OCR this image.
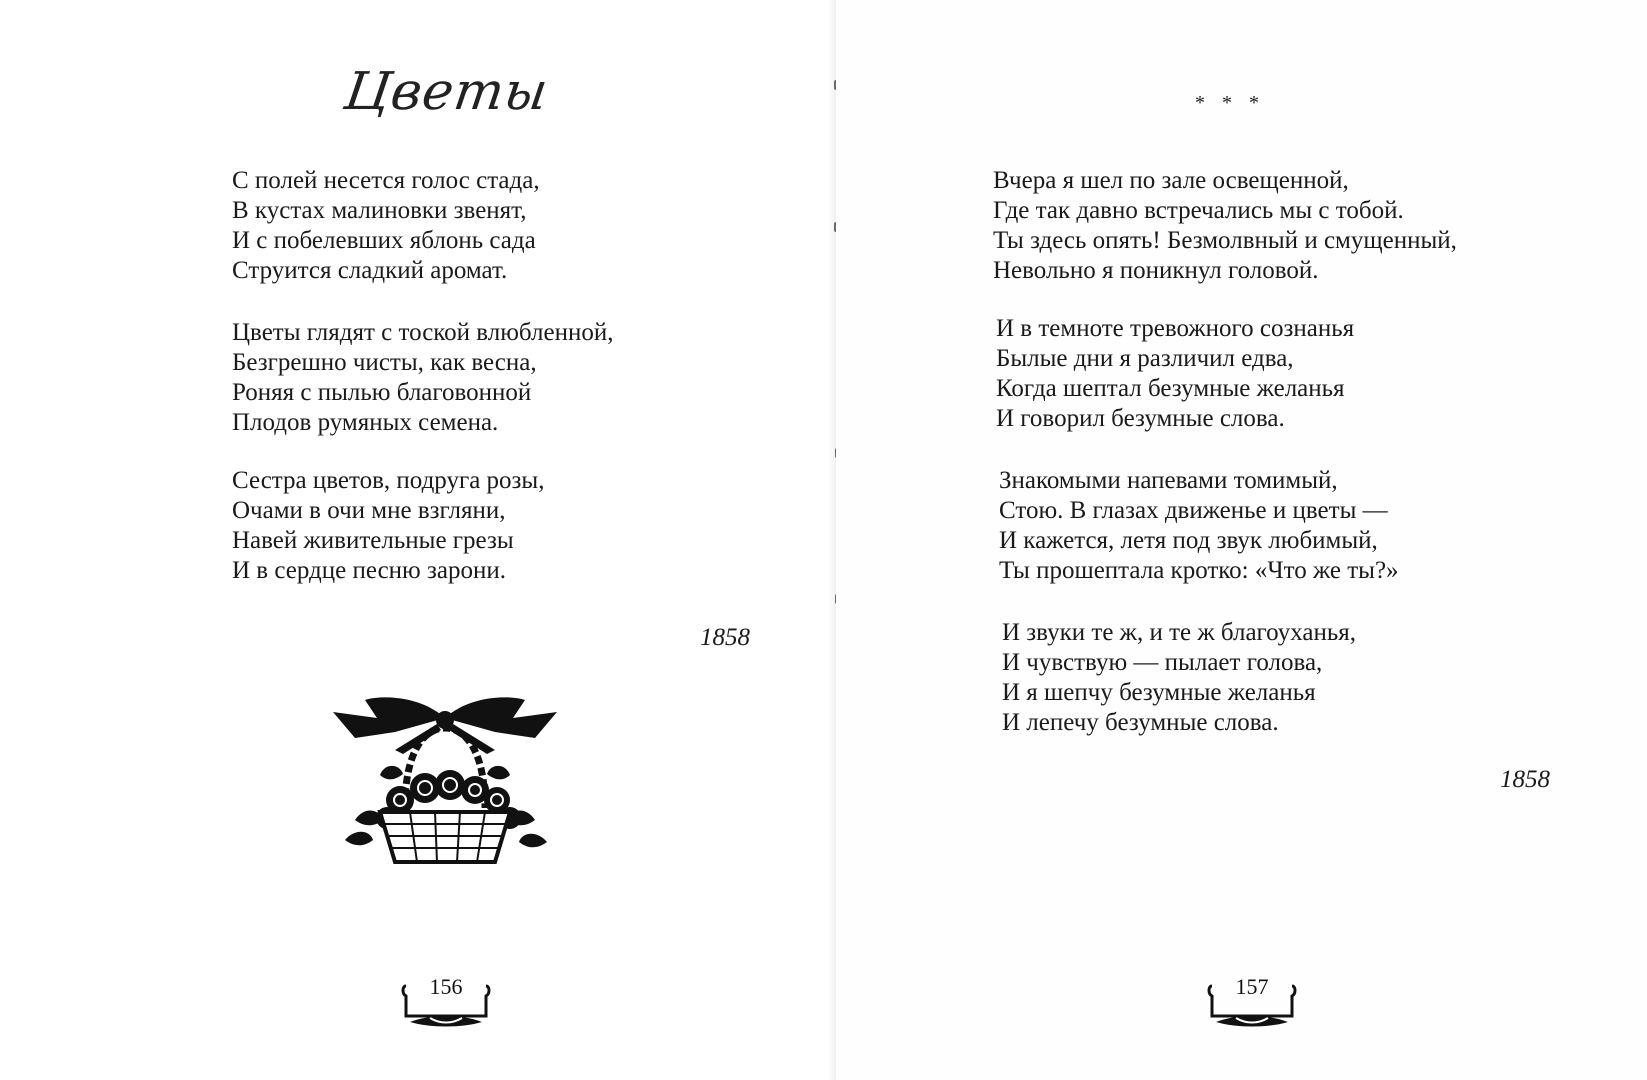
Цветы
С полей несется голос стада,
В кустах малиновки звенят,
И с побелевших яблонь сада
Струится сладкий аромат.
Цветы глядят с тоской влюбленной,
Безгрешно чисты, как весна,
Роняя с пылью благовонной
Плодов румяных семена.
Сестра цветов, подруга розы,
Очами в очи мне взгляни,
Навей живительные грезы
И в сердце песню зарони.
1858
156
* * *
Вчера я шел по зале освещенной,
Где так давно встречались мы с тобой.
Ты здесь опять! Безмолвный и смущенный,
Невольно я поникнул головой.
И в темноте тревожного сознанья
Былые дни я различил едва,
Когда шептал безумные желанья
И говорил безумные слова.
Знакомыми напевами томимый,
Стою. В глазах движенье и цветы —
И кажется, летя под звук любимый,
Ты прошептала кротко: «Что же ты?»
И звуки те ж, и те ж благоуханья,
И чувствую — пылает голова,
И я шепчу безумные желанья
И лепечу безумные слова.
1858
157
